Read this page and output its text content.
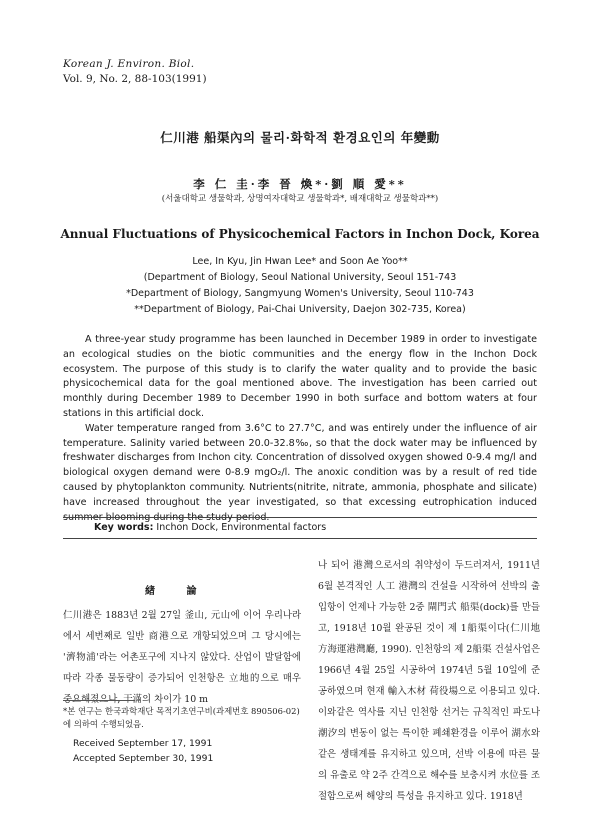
Korean J. Environ. Biol.
Vol. 9, No. 2, 88-103(1991)
仁川港 船渠內의 물리·화학적 환경요인의 年變動
李 仁 圭·李 晉 煥*·劉 順 愛**
(서울대학교 생물학과, 상명여자대학교 생물학과*, 배재대학교 생물학과**)
Annual Fluctuations of Physicochemical Factors in Inchon Dock, Korea
Lee, In Kyu, Jin Hwan Lee* and Soon Ae Yoo**
(Department of Biology, Seoul National University, Seoul 151-743
*Department of Biology, Sangmyung Women's University, Seoul 110-743
**Department of Biology, Pai-Chai University, Daejon 302-735, Korea)

A three-year study programme has been launched in December 1989 in order to investigate an ecological studies on the biotic communities and the energy flow in the Inchon Dock ecosystem. The purpose of this study is to clarify the water quality and to provide the basic physicochemical data for the goal mentioned above. The investigation has been carried out monthly during December 1989 to December 1990 in both surface and bottom waters at four stations in this artificial dock.

Water temperature ranged from 3.6°C to 27.7°C, and was entirely under the influence of air temperature. Salinity varied between 20.0-32.8‰, so that the dock water may be influenced by freshwater discharges from Inchon city. Concentration of dissolved oxygen showed 0-9.4 mg/l and biological oxygen demand were 0-8.9 mgO₂/l. The anoxic condition was by a result of red tide caused by phytoplankton community. Nutrients(nitrite, nitrate, ammonia, phosphate and silicate) have increased throughout the year investigated, so that excessing eutrophication induced summer blooming during the study period.

Key words: Inchon Dock, Environmental factors
緖 論

仁川港은 1883년 2월 27일 釜山, 元山에 이어 우리나라에서 세번째로 일반 商港으로 개항되었으며 그 당시에는 '濟物浦'라는 어촌포구에 지나지 않았다. 산업이 발달함에 따라 각종 물동량이 증가되어 인천항은 立地的으로 매우 중요해졌으나, 干滿의 차이가 10 m

나 되어 港灣으로서의 취약성이 두드러져서, 1911년 6월 본격적인 人工 港灣의 건설을 시작하여 선박의 출입항이 언제나 가능한 2중 閘門式 船渠(dock)를 만들고, 1918년 10월 완공된 것이 제 1船渠이다(仁川地方海運港灣廳, 1990). 인천항의 제 2船渠 건설사업은 1966년 4월 25일 시공하여 1974년 5월 10일에 준공하였으며 현재 輸入木材 荷役場으로 이용되고 있다. 이와같은 역사를 지닌 인천항 선거는 규칙적인 파도나 潮汐의 변동이 없는 특이한 폐쇄환경을 이루어 湖水와 같은 생태계를 유지하고 있으며, 선박 이용에 따른 물의 유출로 약 2주 간격으로 해수를 보충시켜 水位를 조절함으로써 해양의 특성을 유지하고 있다. 1918년

*본 연구는 한국과학재단 목적기초연구비(과제번호 890506-02)에 의하여 수행되었음.
Received September 17, 1991
Accepted September 30, 1991
